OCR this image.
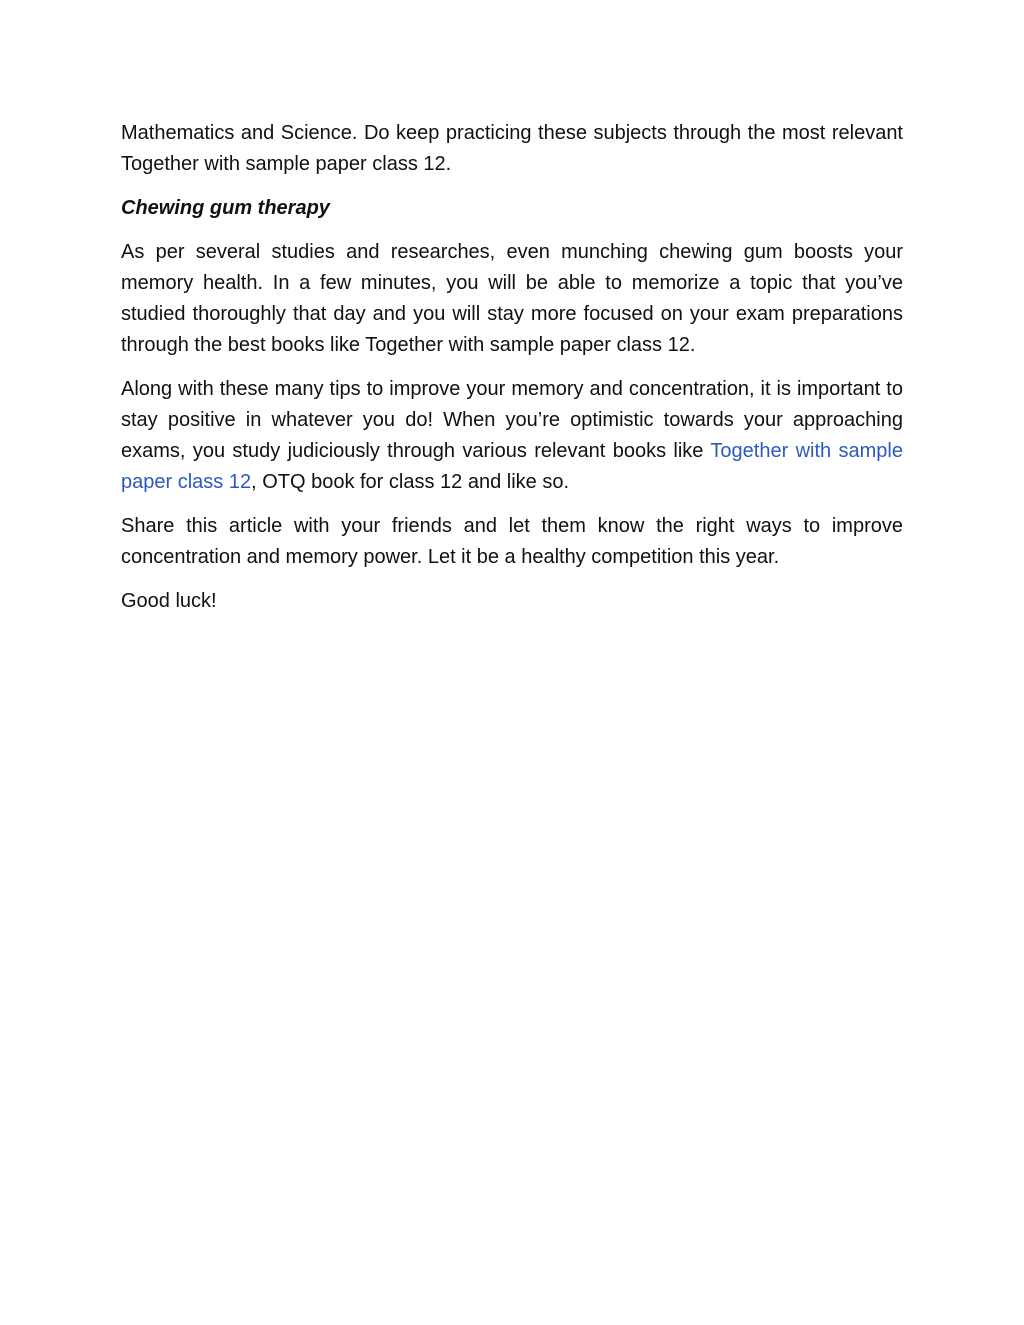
Mathematics and Science. Do keep practicing these subjects through the most relevant Together with sample paper class 12.

Chewing gum therapy

As per several studies and researches, even munching chewing gum boosts your memory health. In a few minutes, you will be able to memorize a topic that you’ve studied thoroughly that day and you will stay more focused on your exam preparations through the best books like Together with sample paper class 12.

Along with these many tips to improve your memory and concentration, it is important to stay positive in whatever you do! When you’re optimistic towards your approaching exams, you study judiciously through various relevant books like Together with sample paper class 12, OTQ book for class 12 and like so.

Share this article with your friends and let them know the right ways to improve concentration and memory power. Let it be a healthy competition this year.

Good luck!
